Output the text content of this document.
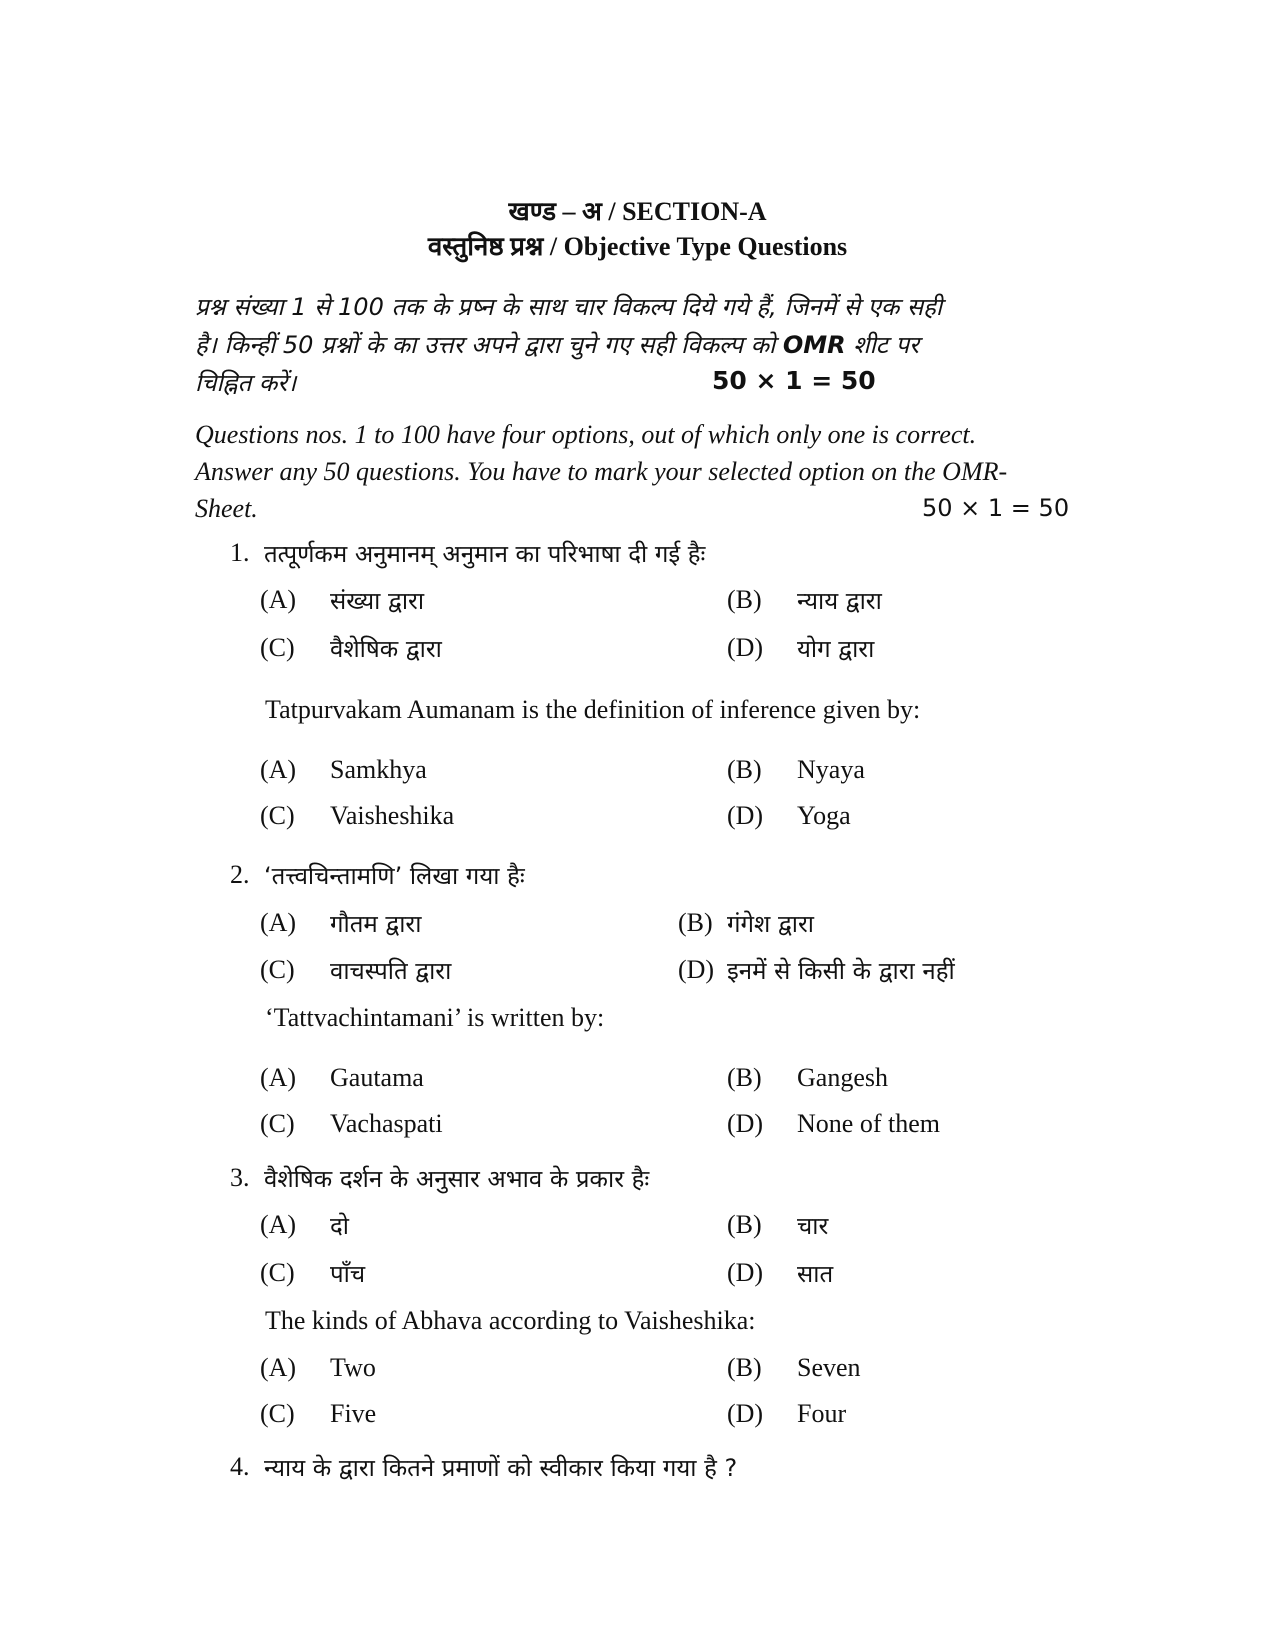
खण्ड – अ / SECTION-A
वस्तुनिष्ठ प्रश्न / Objective Type Questions
प्रश्न संख्या 1 से 100 तक के प्रष्न के साथ चार विकल्प दिये गये हैं, जिनमें से एक सही
है। किन्हीं 50 प्रश्नों के का उत्तर अपने द्वारा चुने गए सही विकल्प को OMR शीट पर
चिह्नित करें।	50 × 1 = 50
Questions nos. 1 to 100 have four options, out of which only one is correct.
Answer any 50 questions. You have to mark your selected option on the OMR-
Sheet.	50 × 1 = 50
1. तत्पूर्णकम अनुमानम् अनुमान का परिभाषा दी गई हैः
(A) संख्या द्वारा	(B) न्याय द्वारा
(C) वैशेषिक द्वारा	(D) योग द्वारा
Tatpurvakam Aumanam is the definition of inference given by:
(A) Samkhya	(B) Nyaya
(C) Vaisheshika	(D) Yoga
2. ‘तत्त्वचिन्तामणि’ लिखा गया हैः
(A) गौतम द्वारा	(B) गंगेश द्वारा
(C) वाचस्पति द्वारा	(D) इनमें से किसी के द्वारा नहीं
‘Tattvachintamani’ is written by:
(A) Gautama	(B) Gangesh
(C) Vachaspati	(D) None of them
3. वैशेषिक दर्शन के अनुसार अभाव के प्रकार हैः
(A) दो	(B) चार
(C) पाँच	(D) सात
The kinds of Abhava according to Vaisheshika:
(A) Two	(B) Seven
(C) Five	(D) Four
4. न्याय के द्वारा कितने प्रमाणों को स्वीकार किया गया है ?
